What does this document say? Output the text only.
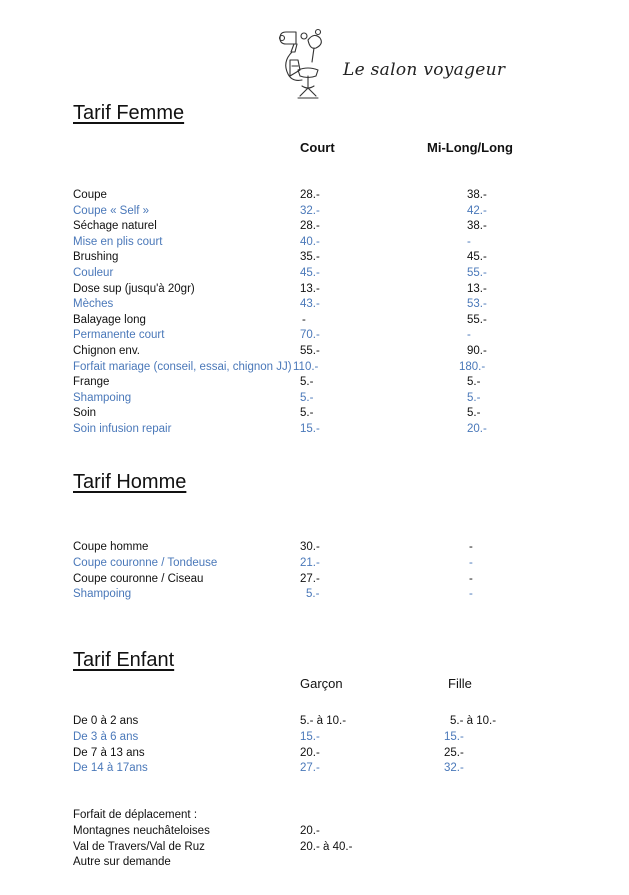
Le salon voyageur
Tarif Femme
Court	Mi-Long/Long
Coupe	28.-	38.-
Coupe « Self »	32.-	42.-
Séchage naturel	28.-	38.-
Mise en plis court	40.-	-
Brushing	35.-	45.-
Couleur	45.-	55.-
Dose sup (jusqu'à 20gr)	13.-	13.-
Mèches	43.-	53.-
Balayage long	-	55.-
Permanente court	70.-	-
Chignon env.	55.-	90.-
Forfait mariage (conseil, essai, chignon JJ) 110.-	180.-
Frange	5.-	5.-
Shampoing	5.-	5.-
Soin	5.-	5.-
Soin infusion repair	15.-	20.-
Tarif Homme
Coupe homme	30.-	-
Coupe couronne / Tondeuse	21.-	-
Coupe couronne / Ciseau	27.-	-
Shampoing	5.-	-
Tarif Enfant
Garçon	Fille
De 0 à 2 ans	5.- à 10.-	5.- à 10.-
De 3 à 6 ans	15.-	15.-
De 7 à 13 ans	20.-	25.-
De 14 à 17ans	27.-	32.-
Forfait de déplacement :
Montagnes neuchâteloises	20.-
Val de Travers/Val de Ruz	20.- à 40.-
Autre sur demande
